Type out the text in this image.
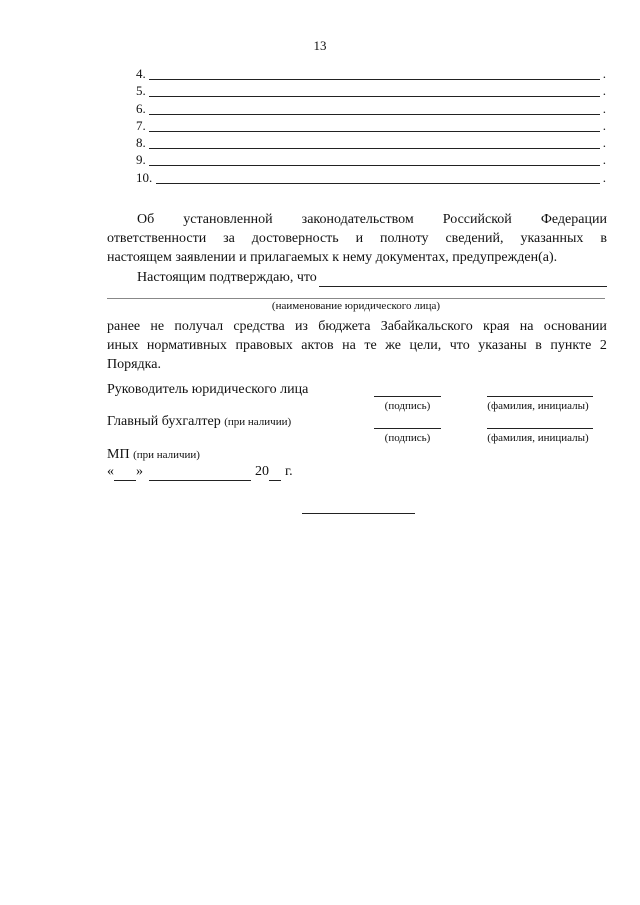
13
4.	.
5.	.
6.	.
7.	.
8.	.
9.	.
10.	.
Об установленной законодательством Российской Федерации
ответственности за достоверность и полноту сведений, указанных в
настоящем заявлении и прилагаемых к нему документах, предупрежден(а).
Настоящим подтверждаю, что
(наименование юридического лица)
ранее не получал средства из бюджета Забайкальского края на основании
иных нормативных правовых актов на те же цели, что указаны в пункте 2
Порядка.
Руководитель юридического лица
(подпись)	(фамилия, инициалы)
Главный бухгалтер (при наличии)
(подпись)	(фамилия, инициалы)
МП (при наличии)
« »	20 г.
